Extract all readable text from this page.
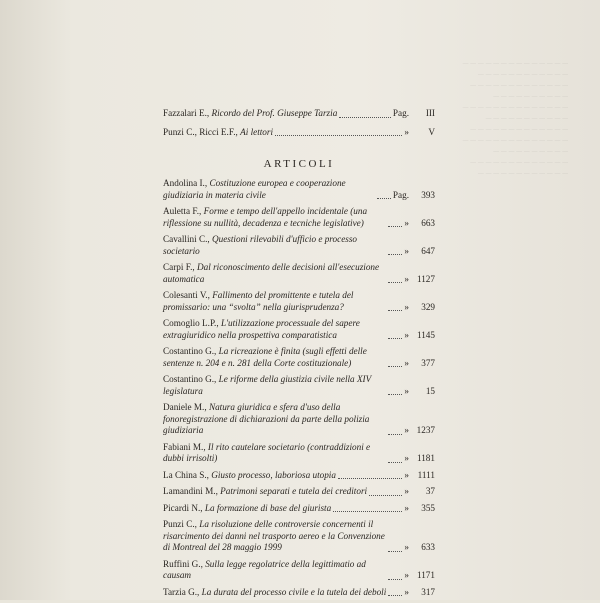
─ ─ ─ ─ ─ ─ ─ ─ ─ ─ ─ ─ ─ ─
─ ─ ─ ─ ─ ─ ─ ─ ─ ─ ─ ─
─ ─ ─ ─ ─ ─ ─ ─ ─ ─ ─ ─ ─
─ ─ ─ ─ ─ ─ ─ ─ ─ ─
─ ─ ─ ─ ─ ─ ─ ─ ─ ─ ─ ─ ─ ─
─ ─ ─ ─ ─ ─ ─ ─ ─ ─ ─
─ ─ ─ ─ ─ ─ ─ ─ ─ ─ ─ ─ ─
─ ─ ─ ─ ─ ─ ─ ─ ─ ─ ─ ─ ─ ─
─ ─ ─ ─ ─ ─ ─ ─ ─ ─
─ ─ ─ ─ ─ ─ ─ ─ ─ ─ ─ ─ ─
─ ─ ─ ─ ─ ─ ─ ─ ─ ─ ─ ─
Fazzalari E., Ricordo del Prof. Giuseppe Tarzia	Pag. III
Punzi C., Ricci E.F., Ai lettori	» V
ARTICOLI
Andolina I., Costituzione europea e cooperazione giudiziaria in materia civile	Pag. 393
Auletta F., Forme e tempo dell'appello incidentale (una riflessione su nullità, decadenza e tecniche legislative)	» 663
Cavallini C., Questioni rilevabili d'ufficio e processo societario	» 647
Carpi F., Dal riconoscimento delle decisioni all'esecuzione automatica	» 1127
Colesanti V., Fallimento del promittente e tutela del promissario: una “svolta” nella giurisprudenza?	» 329
Comoglio L.P., L'utilizzazione processuale del sapere extragiuridico nella prospettiva comparatistica	» 1145
Costantino G., La ricreazione è finita (sugli effetti delle sentenze n. 204 e n. 281 della Corte costituzionale)	» 377
Costantino G., Le riforme della giustizia civile nella XIV legislatura	» 15
Daniele M., Natura giuridica e sfera d'uso della fonoregistrazione di dichiarazioni da parte della polizia giudiziaria	» 1237
Fabiani M., Il rito cautelare societario (contraddizioni e dubbi irrisolti)	» 1181
La China S., Giusto processo, laboriosa utopia	» 1111
Lamandini M., Patrimoni separati e tutela dei creditori	» 37
Picardi N., La formazione di base del giurista	» 355
Punzi C., La risoluzione delle controversie concernenti il risarcimento dei danni nel trasporto aereo e la Convenzione di Montreal del 28 maggio 1999	» 633
Ruffini G., Sulla legge regolatrice della legittimatio ad causam	» 1171
Tarzia G., La durata del processo civile e la tutela dei deboli » 317
